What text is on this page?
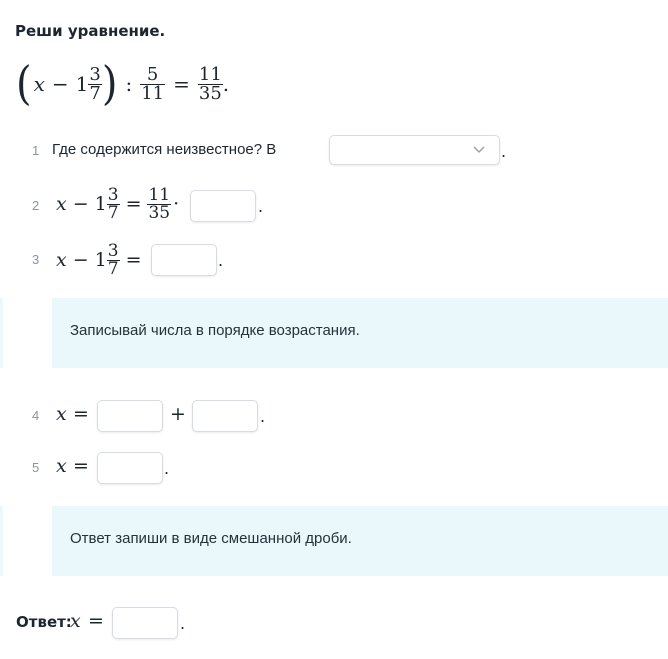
Реши уравнение.
( $x - 1 \frac{3}{7}$ ) : $\frac{5}{11} = \frac{11}{35}$ .
1 Где содержится неизвестное? В	.
2 $x - 1 \frac{3}{7} = \frac{11}{35}$ ·	.
3 $x - 1 \frac{3}{7}$ =	.
Записывай числа в порядке возрастания.
4 x =	+	.
5 x =	.
Ответ запиши в виде смешанной дроби.
Ответ:
x =	.
